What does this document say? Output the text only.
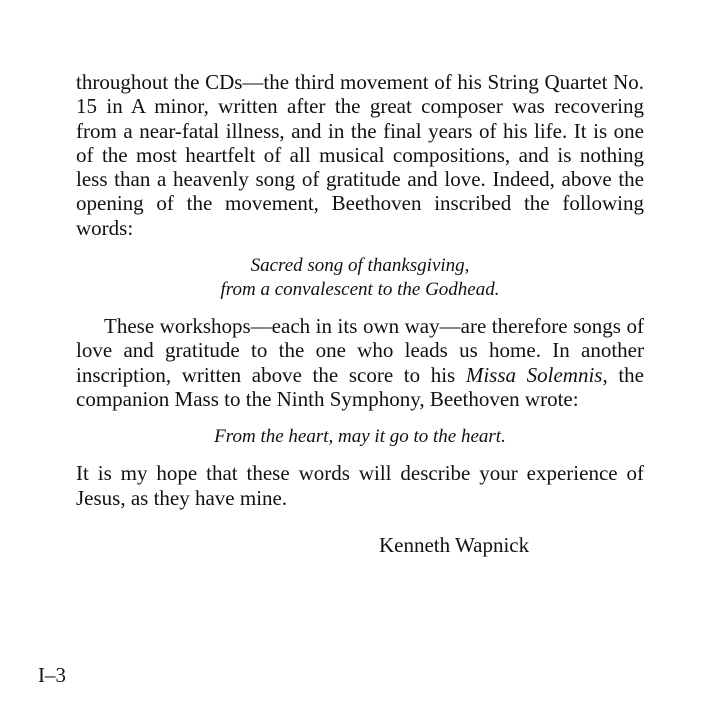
throughout the CDs—the third movement of his String Quartet No. 15 in A minor, written after the great composer was recovering from a near-fatal illness, and in the final years of his life. It is one of the most heartfelt of all musical compositions, and is nothing less than a heavenly song of gratitude and love. Indeed, above the opening of the movement, Beethoven inscribed the following words:

Sacred song of thanksgiving,
from a convalescent to the Godhead.

These workshops—each in its own way—are therefore songs of love and gratitude to the one who leads us home. In another inscription, written above the score to his Missa Solemnis, the companion Mass to the Ninth Symphony, Beethoven wrote:

From the heart, may it go to the heart.

It is my hope that these words will describe your experience of Jesus, as they have mine.

Kenneth Wapnick

I–3
